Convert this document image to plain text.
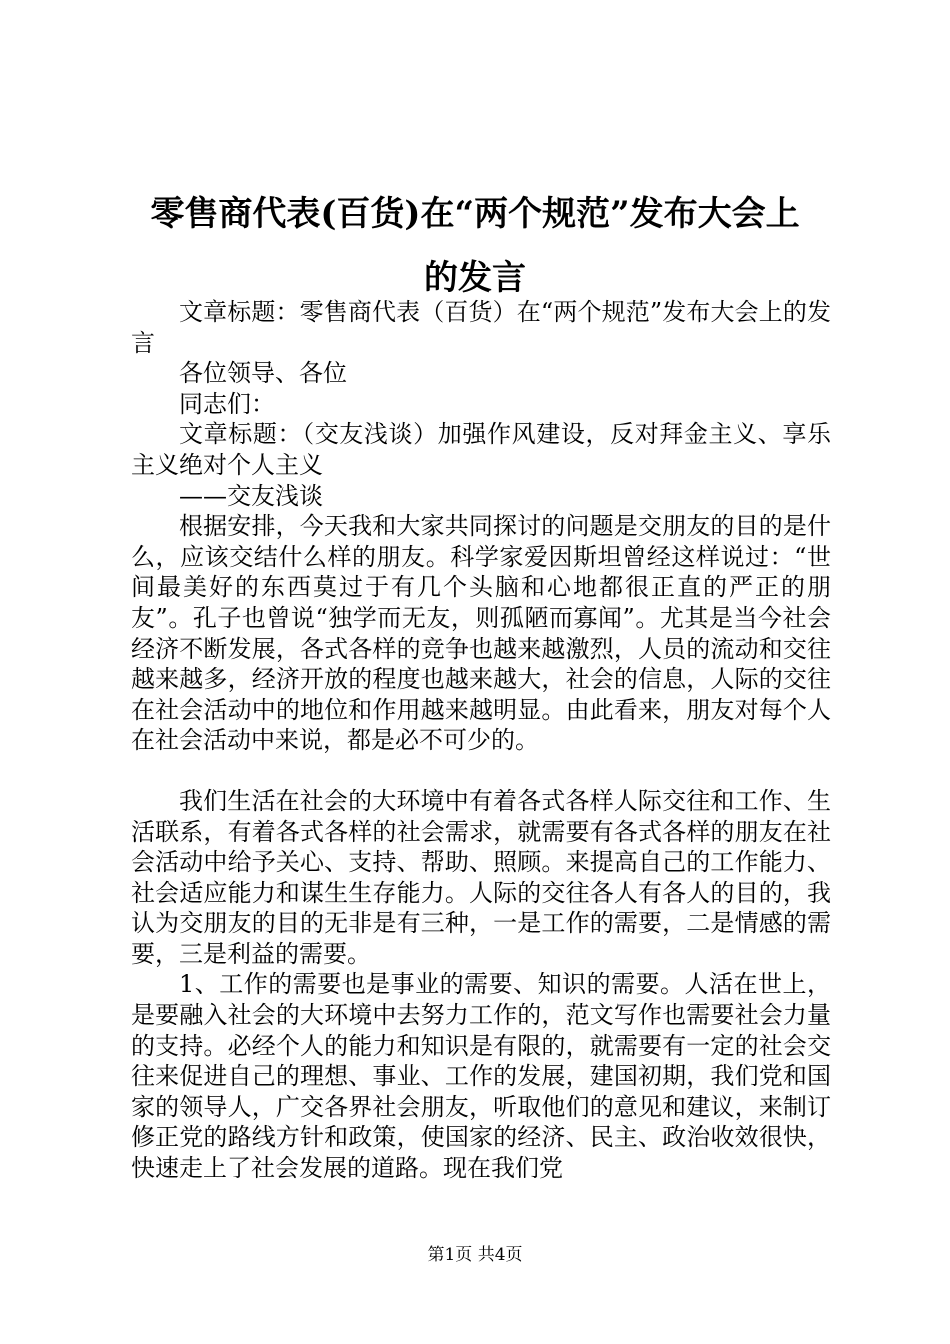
零售商代表(百货)在“两个规范”发布大会上
的发言

文章标题：零售商代表（百货）在“两个规范”发布大会上的发言

各位领导、各位

同志们：

文章标题：（交友浅谈）加强作风建设，反对拜金主义、享乐主义绝对个人主义

——交友浅谈

根据安排，今天我和大家共同探讨的问题是交朋友的目的是什么，应该交结什么样的朋友。科学家爱因斯坦曾经这样说过：“世间最美好的东西莫过于有几个头脑和心地都很正直的严正的朋友”。孔子也曾说“独学而无友，则孤陋而寡闻”。尤其是当今社会经济不断发展，各式各样的竞争也越来越激烈，人员的流动和交往越来越多，经济开放的程度也越来越大，社会的信息，人际的交往在社会活动中的地位和作用越来越明显。由此看来，朋友对每个人在社会活动中来说，都是必不可少的。

我们生活在社会的大环境中有着各式各样人际交往和工作、生活联系，有着各式各样的社会需求，就需要有各式各样的朋友在社会活动中给予关心、支持、帮助、照顾。来提高自己的工作能力、社会适应能力和谋生生存能力。人际的交往各人有各人的目的，我认为交朋友的目的无非是有三种，一是工作的需要，二是情感的需要，三是利益的需要。

1、工作的需要也是事业的需要、知识的需要。人活在世上，是要融入社会的大环境中去努力工作的，范文写作也需要社会力量的支持。必经个人的能力和知识是有限的，就需要有一定的社会交往来促进自己的理想、事业、工作的发展，建国初期，我们党和国家的领导人，广交各界社会朋友，听取他们的意见和建议，来制订修正党的路线方针和政策，使国家的经济、民主、政治收效很快，快速走上了社会发展的道路。现在我们党

第1页 共4页
